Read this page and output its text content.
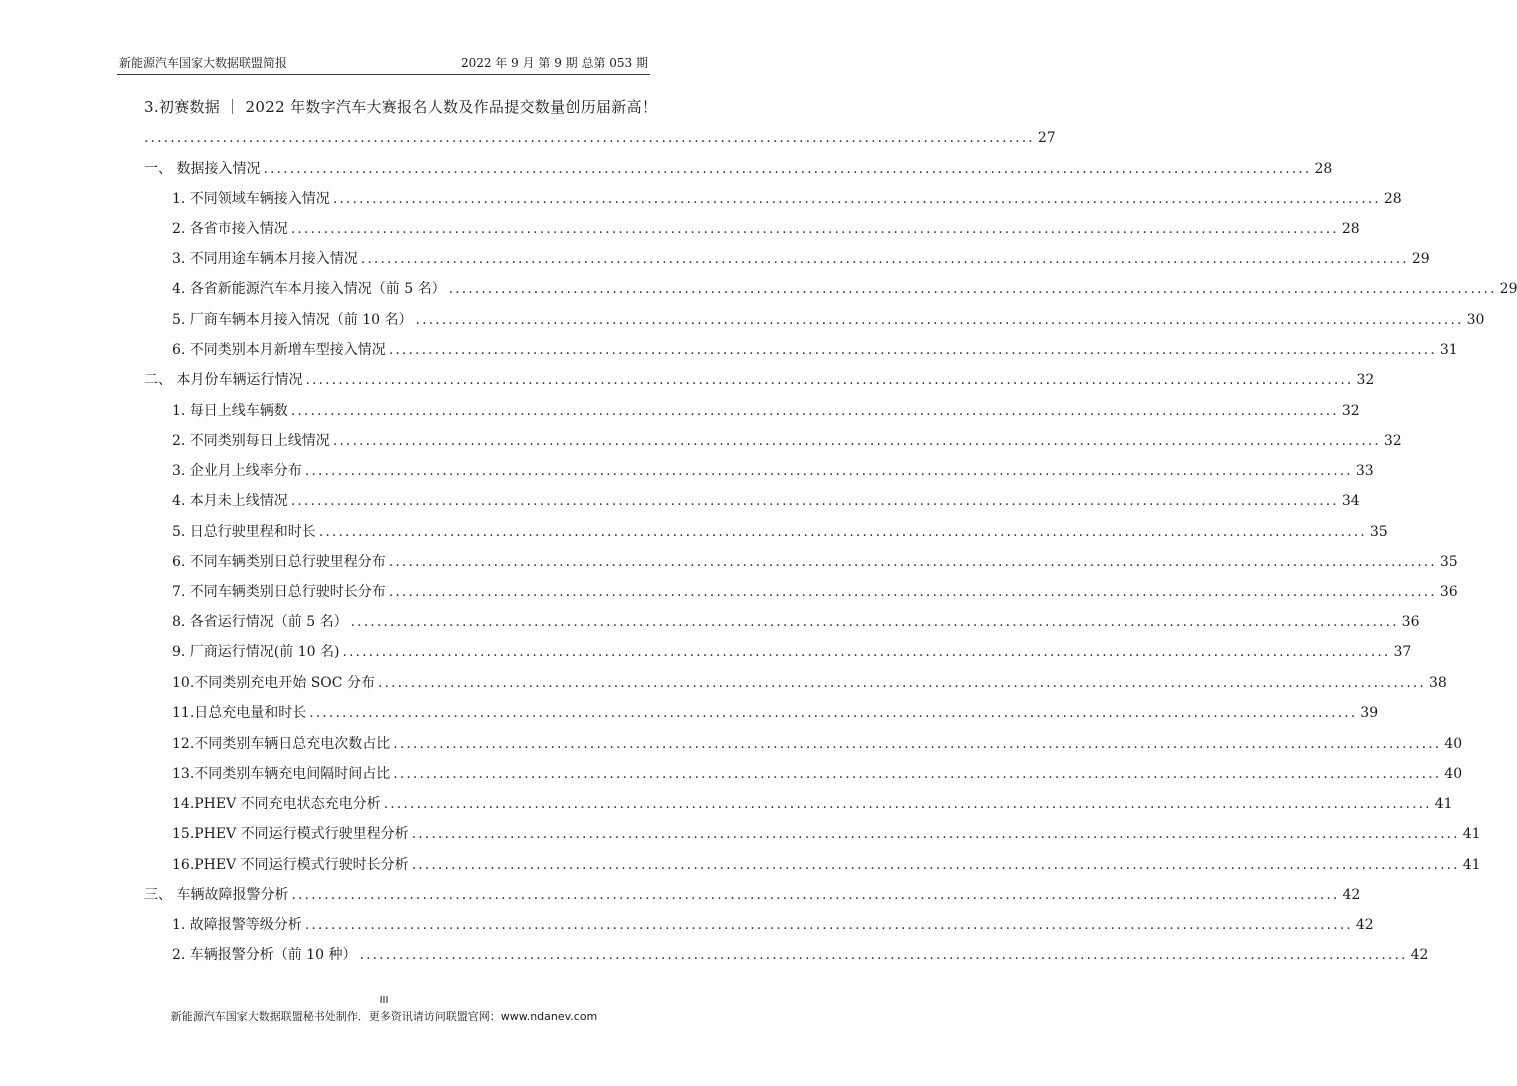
新能源汽车国家大数据联盟简报	2022 年 9 月 第 9 期 总第 053 期
3.初赛数据 ｜ 2022 年数字汽车大赛报名人数及作品提交数量创历届新高！
........................................................................................................................................ 27
一、 数据接入情况 ................................................................................................................................................................ 28
1. 不同领域车辆接入情况 ................................................................................................................................................................ 28
2. 各省市接入情况 ................................................................................................................................................................ 28
3. 不同用途车辆本月接入情况 ................................................................................................................................................................ 29
4. 各省新能源汽车本月接入情况（前 5 名） ................................................................................................................................................................ 29
5. 厂商车辆本月接入情况（前 10 名） ................................................................................................................................................................ 30
6. 不同类别本月新增车型接入情况 ................................................................................................................................................................ 31
二、 本月份车辆运行情况 ................................................................................................................................................................ 32
1. 每日上线车辆数 ................................................................................................................................................................ 32
2. 不同类别每日上线情况 ................................................................................................................................................................ 32
3. 企业月上线率分布 ................................................................................................................................................................ 33
4. 本月未上线情况 ................................................................................................................................................................ 34
5. 日总行驶里程和时长 ................................................................................................................................................................ 35
6. 不同车辆类别日总行驶里程分布 ................................................................................................................................................................ 35
7. 不同车辆类别日总行驶时长分布 ................................................................................................................................................................ 36
8. 各省运行情况（前 5 名） ................................................................................................................................................................ 36
9. 厂商运行情况(前 10 名) ................................................................................................................................................................ 37
10.不同类别充电开始 SOC 分布 ................................................................................................................................................................ 38
11.日总充电量和时长 ................................................................................................................................................................ 39
12.不同类别车辆日总充电次数占比 ................................................................................................................................................................ 40
13.不同类别车辆充电间隔时间占比 ................................................................................................................................................................ 40
14.PHEV 不同充电状态充电分析 ................................................................................................................................................................ 41
15.PHEV 不同运行模式行驶里程分析 ................................................................................................................................................................ 41
16.PHEV 不同运行模式行驶时长分析 ................................................................................................................................................................ 41
三、 车辆故障报警分析 ................................................................................................................................................................ 42
1. 故障报警等级分析 ................................................................................................................................................................ 42
2. 车辆报警分析（前 10 种） ................................................................................................................................................................ 42
III
新能源汽车国家大数据联盟秘书处制作．更多资讯请访问联盟官网：www.ndanev.com
